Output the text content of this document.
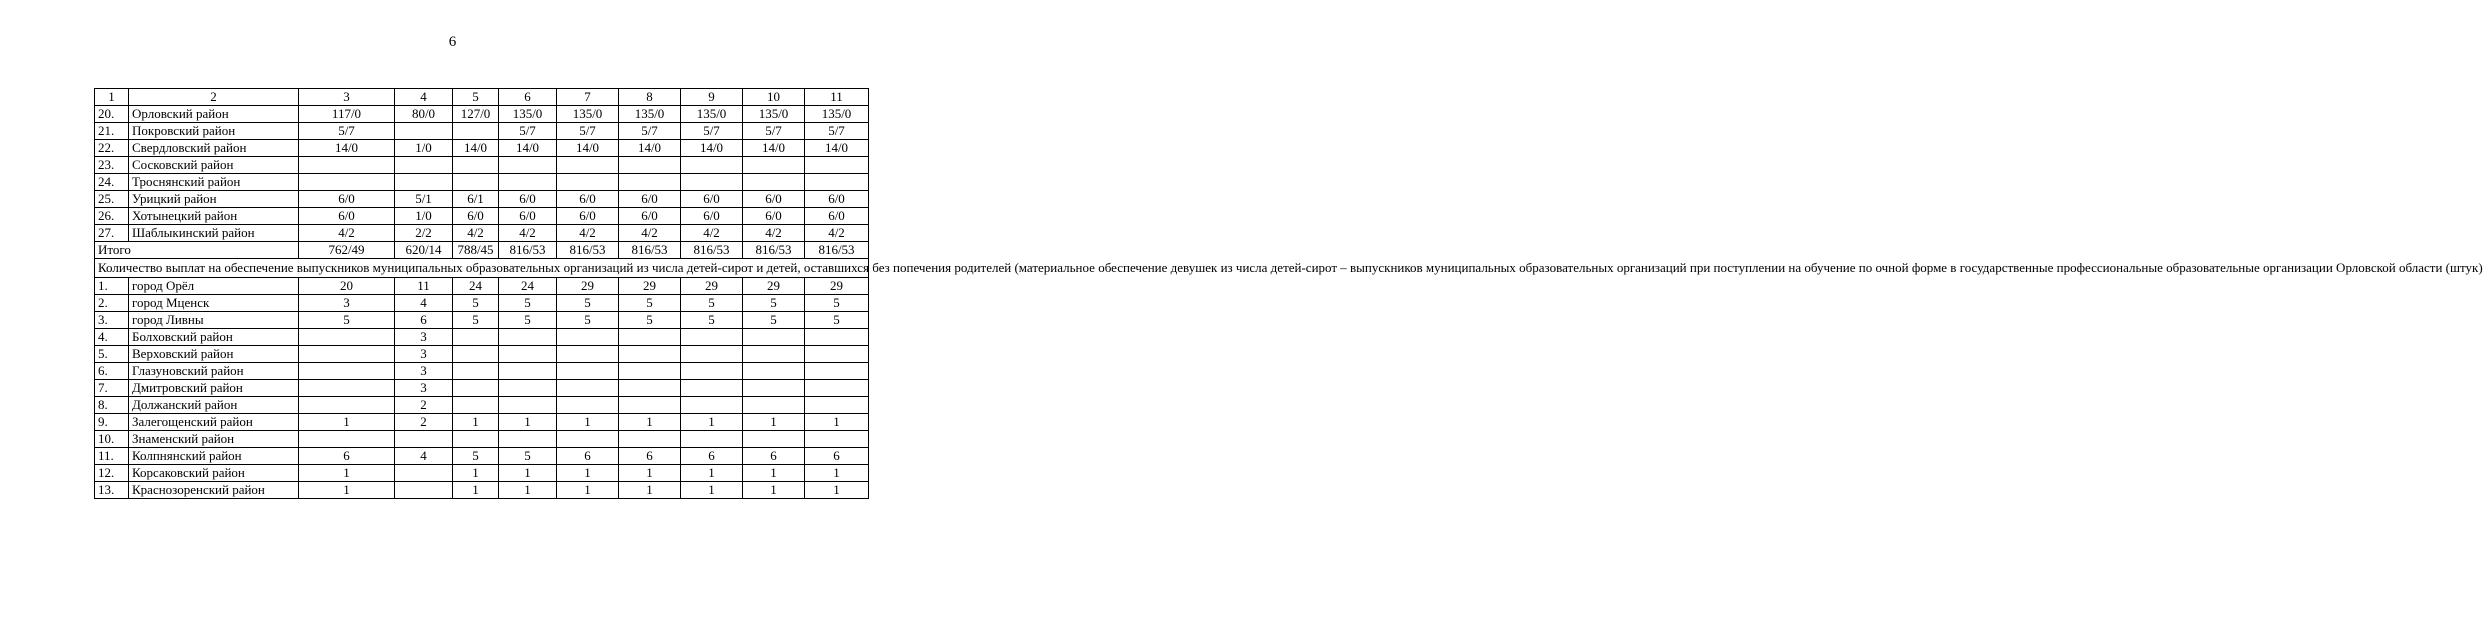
6
1	2	3	4	5	6	7	8	9	10	11
20.	Орловский район	117/0	80/0	127/0	135/0	135/0	135/0	135/0	135/0	135/0
21.	Покровский район	5/7			5/7	5/7	5/7	5/7	5/7	5/7
22.	Свердловский район	14/0	1/0	14/0	14/0	14/0	14/0	14/0	14/0	14/0
23.	Сосковский район									
24.	Троснянский район									
25.	Урицкий район	6/0	5/1	6/1	6/0	6/0	6/0	6/0	6/0	6/0
26.	Хотынецкий район	6/0	1/0	6/0	6/0	6/0	6/0	6/0	6/0	6/0
27.	Шаблыкинский район	4/2	2/2	4/2	4/2	4/2	4/2	4/2	4/2	4/2
Итого		762/49	620/14	788/45	816/53	816/53	816/53	816/53	816/53	816/53
Количество выплат на обеспечение выпускников муниципальных образовательных организаций из числа детей-сирот и детей, оставшихся без попечения родителей (материальное обеспечение девушек из числа детей-сирот – выпускников муниципальных образовательных организаций при поступлении на обучение по очной форме в государственные профессиональные образовательные организации Орловской области (штук)										
1.	город Орёл	20	11	24	24	29	29	29	29	29
2.	город Мценск	3	4	5	5	5	5	5	5	5
3.	город Ливны	5	6	5	5	5	5	5	5	5
4.	Болховский район		3							
5.	Верховский район		3							
6.	Глазуновский район		3							
7.	Дмитровский район		3							
8.	Должанский район		2							
9.	Залегощенский район	1	2	1	1	1	1	1	1	1
10.	Знаменский район									
11.	Колпнянский район	6	4	5	5	6	6	6	6	6
12.	Корсаковский район	1		1	1	1	1	1	1	1
13.	Краснозоренский район	1		1	1	1	1	1	1	1
